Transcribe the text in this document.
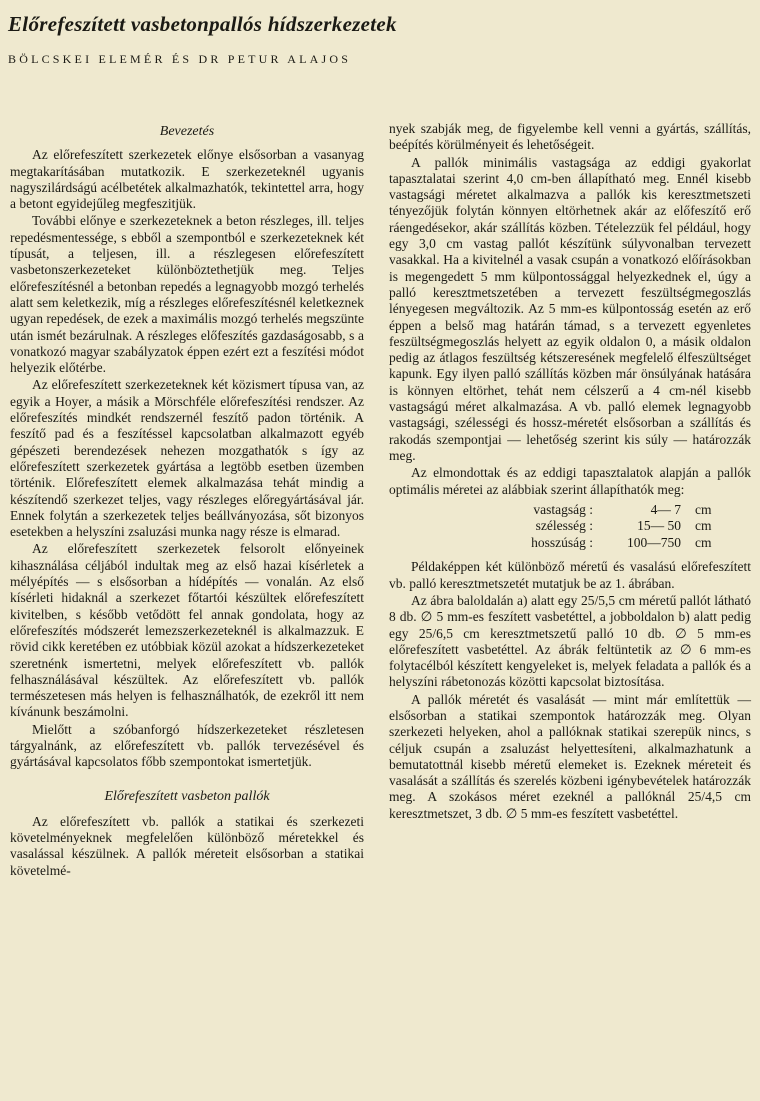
Előrefeszített vasbetonpallós hídszerkezetek
BÖLCSKEI ELEMÉR ÉS DR PETUR ALAJOS
Bevezetés

Az előrefeszített szerkezetek előnye elsősorban a vasanyag megtakarításában mutatkozik. E szerkezeteknél ugyanis nagyszilárdságú acélbetétek alkalmazhatók, tekintettel arra, hogy a betont egyidejűleg megfeszitjük.

További előnye e szerkezeteknek a beton részleges, ill. teljes repedésmentessége, s ebből a szempontból e szerkezeteknek két típusát, a teljesen, ill. a részlegesen előrefeszített vasbetonszerkezeteket különböztethetjük meg. Teljes előrefeszítésnél a betonban repedés a legnagyobb mozgó terhelés alatt sem keletkezik, míg a részleges előrefeszítésnél keletkeznek ugyan repedések, de ezek a maximális mozgó terhelés megszünte után ismét bezárulnak. A részleges előfeszítés gazdaságosabb, s a vonatkozó magyar szabályzatok éppen ezért ezt a feszítési módot helyezik előtérbe.

Az előrefeszített szerkezeteknek két közismert típusa van, az egyik a Hoyer, a másik a Mörschféle előrefeszítési rendszer. Az előrefeszítés mindkét rendszernél feszítő padon történik. A feszítő pad és a feszítéssel kapcsolatban alkalmazott egyéb gépészeti berendezések nehezen mozgathatók s így az előrefeszített szerkezetek gyártása a legtöbb esetben üzemben történik. Előrefeszített elemek alkalmazása tehát mindig a készítendő szerkezet teljes, vagy részleges előregyártásával jár. Ennek folytán a szerkezetek teljes beállványozása, sőt bizonyos esetekben a helyszíni zsaluzási munka nagy része is elmarad.

Az előrefeszített szerkezetek felsorolt előnyeinek kihasználása céljából indultak meg az első hazai kísérletek a mélyépítés — s elsősorban a hídépítés — vonalán. Az első kísérleti hidaknál a szerkezet főtartói készültek előrefeszített kivitelben, s később vetődött fel annak gondolata, hogy az előrefeszítés módszerét lemezszerkezeteknél is alkalmazzuk. E rövid cikk keretében ez utóbbiak közül azokat a hídszerkezeteket szeretnénk ismertetni, melyek előrefeszített vb. pallók felhasználásával készültek. Az előrefeszített vb. pallók természetesen más helyen is felhasználhatók, de ezekről itt nem kívánunk beszámolni.

Mielőtt a szóbanforgó hídszerkezeteket részletesen tárgyalnánk, az előrefeszített vb. pallók tervezésével és gyártásával kapcsolatos főbb szempontokat ismertetjük.

Előrefeszített vasbeton pallók

Az előrefeszített vb. pallók a statikai és szerkezeti követelményeknek megfelelően különböző méretekkel és vasalással készülnek. A pallók méreteit elsősorban a statikai követelmé-

nyek szabják meg, de figyelembe kell venni a gyártás, szállítás, beépítés körülményeit és lehetőségeit.

A pallók minimális vastagsága az eddigi gyakorlat tapasztalatai szerint 4,0 cm-ben állapítható meg. Ennél kisebb vastagsági méretet alkalmazva a pallók kis keresztmetszeti tényezőjük folytán könnyen eltörhetnek akár az előfeszítő erő ráengedésekor, akár szállítás közben. Tételezzük fel például, hogy egy 3,0 cm vastag pallót készítünk súlyvonalban tervezett vasakkal. Ha a kivitelnél a vasak csupán a vonatkozó előírásokban is megengedett 5 mm külpontossággal helyezkednek el, úgy a palló keresztmetszetében a tervezett feszültségmegoszlás lényegesen megváltozik. Az 5 mm-es külpontosság esetén az erő éppen a belső mag határán támad, s a tervezett egyenletes feszültségmegoszlás helyett az egyik oldalon 0, a másik oldalon pedig az átlagos feszültség kétszeresének megfelelő élfeszültséget kapunk. Egy ilyen palló szállítás közben már önsúlyának hatására is könnyen eltörhet, tehát nem célszerű a 4 cm-nél kisebb vastagságú méret alkalmazása. A vb. palló elemek legnagyobb vastagsági, szélességi és hossz-méretét elsősorban a szállítás és rakodás szempontjai — lehetőség szerint kis súly — határozzák meg.

Az elmondottak és az eddigi tapasztalatok alapján a pallók optimális méretei az alábbiak szerint állapíthatók meg:

vastagság :	4— 7	cm
szélesség :	15— 50	cm
hosszúság :	100—750	cm

Példaképpen két különböző méretű és vasalású előrefeszített vb. palló keresztmetszetét mutatjuk be az 1. ábrában.

Az ábra baloldalán a) alatt egy 25/5,5 cm méretű pallót látható 8 db. ∅ 5 mm-es feszített vasbetéttel, a jobboldalon b) alatt pedig egy 25/6,5 cm keresztmetszetű palló 10 db. ∅ 5 mm-es előrefeszített vasbetéttel. Az ábrák feltüntetik az ∅ 6 mm-es folytacélból készített kengyeleket is, melyek feladata a pallók és a helyszíni rábetonozás közötti kapcsolat biztosítása.

A pallók méretét és vasalását — mint már említettük — elsősorban a statikai szempontok határozzák meg. Olyan szerkezeti helyeken, ahol a pallóknak statikai szerepük nincs, s céljuk csupán a zsaluzást helyettesíteni, alkalmazhatunk a bemutatottnál kisebb méretű elemeket is. Ezeknek méreteit és vasalását a szállítás és szerelés közbeni igénybevételek határozzák meg. A szokásos méret ezeknél a pallóknál 25/4,5 cm keresztmetszet, 3 db. ∅ 5 mm-es feszített vasbetéttel.
